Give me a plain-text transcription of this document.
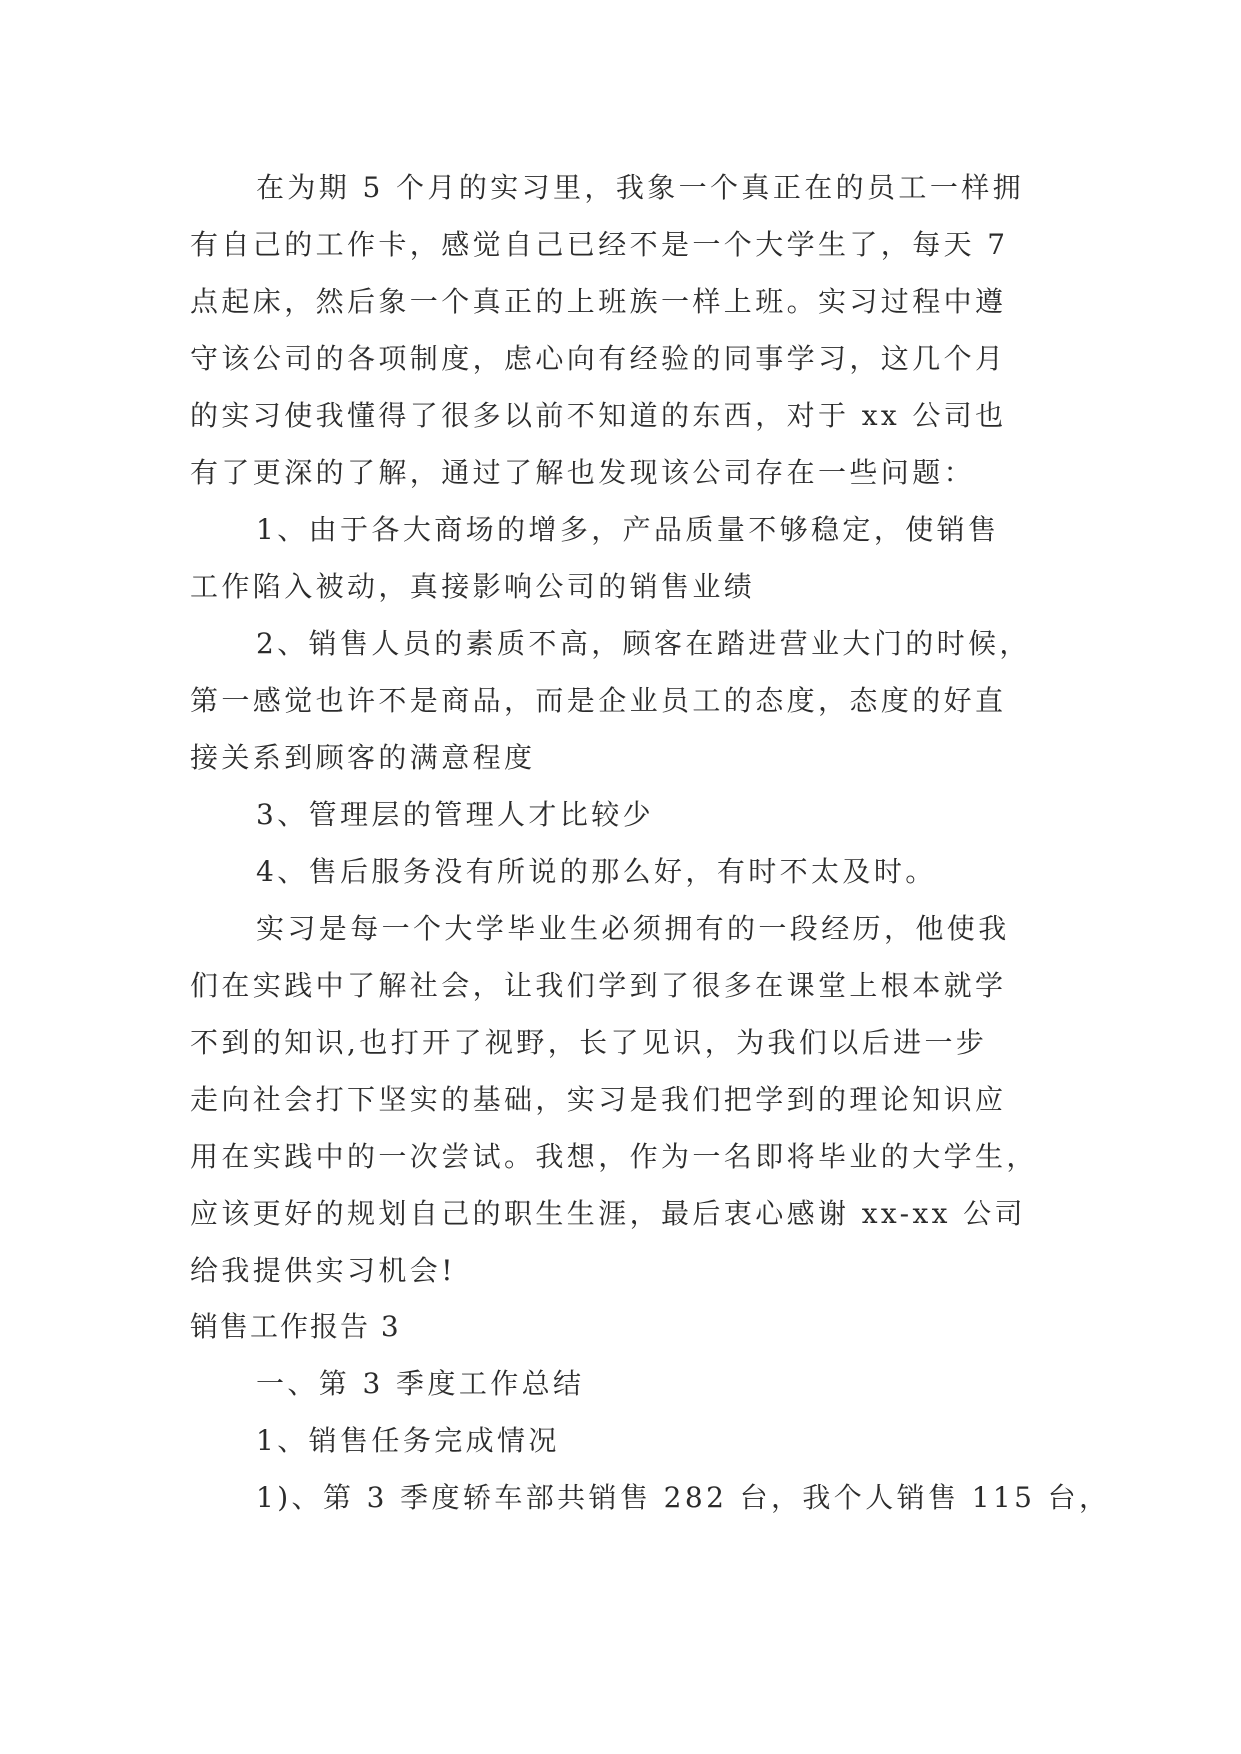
在为期 5 个月的实习里，我象一个真正在的员工一样拥
有自己的工作卡，感觉自己已经不是一个大学生了，每天 7
点起床，然后象一个真正的上班族一样上班。实习过程中遵
守该公司的各项制度，虑心向有经验的同事学习，这几个月
的实习使我懂得了很多以前不知道的东西，对于 xx 公司也
有了更深的了解，通过了解也发现该公司存在一些问题：
1、由于各大商场的增多，产品质量不够稳定，使销售
工作陷入被动，真接影响公司的销售业绩
2、销售人员的素质不高，顾客在踏进营业大门的时候，
第一感觉也许不是商品，而是企业员工的态度，态度的好直
接关系到顾客的满意程度
3、管理层的管理人才比较少
4、售后服务没有所说的那么好，有时不太及时。
实习是每一个大学毕业生必须拥有的一段经历，他使我
们在实践中了解社会，让我们学到了很多在课堂上根本就学
不到的知识,也打开了视野，长了见识，为我们以后进一步
走向社会打下坚实的基础，实习是我们把学到的理论知识应
用在实践中的一次尝试。我想，作为一名即将毕业的大学生，
应该更好的规划自己的职生生涯，最后衷心感谢 xx-xx 公司
给我提供实习机会!
销售工作报告 3
一、第 3 季度工作总结
1、销售任务完成情况
1)、第 3 季度轿车部共销售 282 台，我个人销售 115 台，
